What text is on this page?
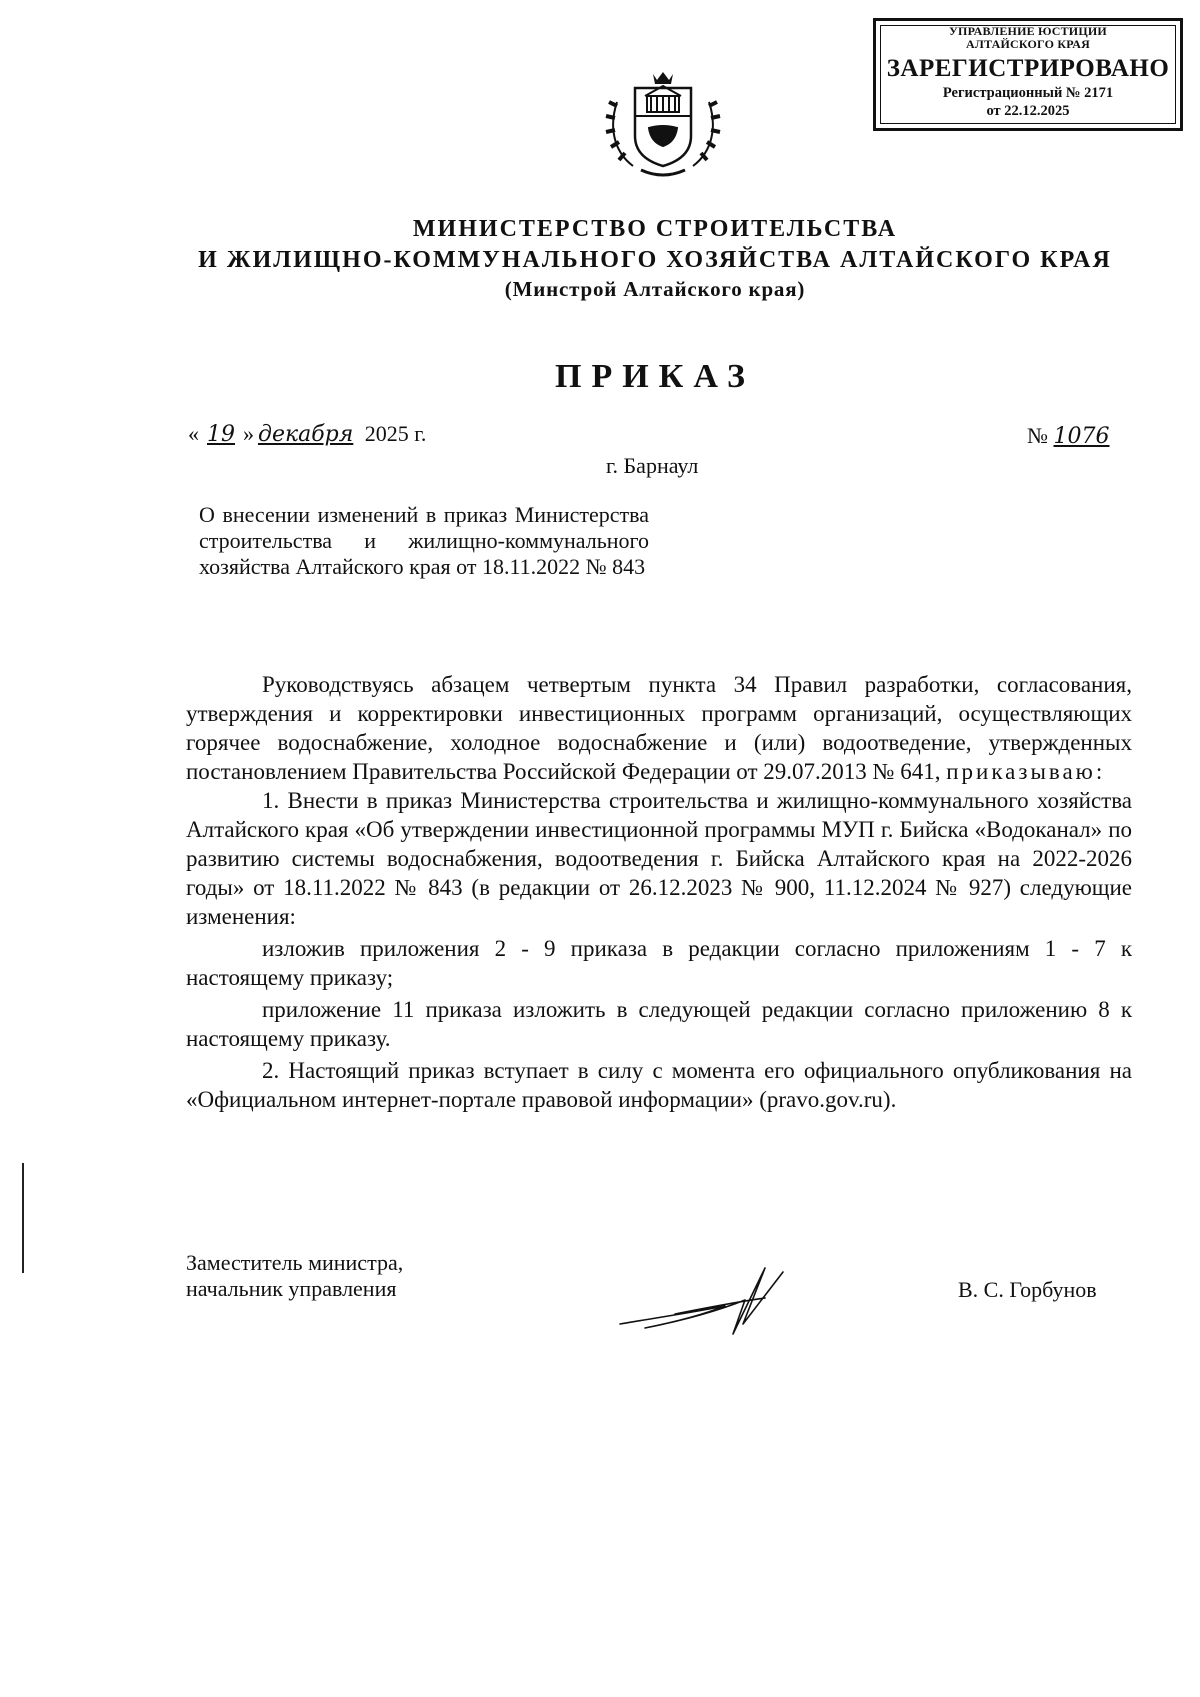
УПРАВЛЕНИЕ ЮСТИЦИИ АЛТАЙСКОГО КРАЯ
ЗАРЕГИСТРИРОВАНО
Регистрационный № 2171
от 22.12.2025
МИНИСТЕРСТВО СТРОИТЕЛЬСТВА
И ЖИЛИЩНО-КОММУНАЛЬНОГО ХОЗЯЙСТВА АЛТАЙСКОГО КРАЯ
(Минстрой Алтайского края)
ПРИКАЗ
« 19 » декабря 2025 г.	№ 1076
г. Барнаул
О внесении изменений в приказ Министерства строительства и жилищно-коммунального хозяйства Алтайского края от 18.11.2022 № 843

Руководствуясь абзацем четвертым пункта 34 Правил разработки, согласования, утверждения и корректировки инвестиционных программ организаций, осуществляющих горячее водоснабжение, холодное водоснабжение и (или) водоотведение, утвержденных постановлением Правительства Российской Федерации от 29.07.2013 № 641, приказываю:

1. Внести в приказ Министерства строительства и жилищно-коммунального хозяйства Алтайского края «Об утверждении инвестиционной программы МУП г. Бийска «Водоканал» по развитию системы водоснабжения, водоотведения г. Бийска Алтайского края на 2022-2026 годы» от 18.11.2022 № 843 (в редакции от 26.12.2023 № 900, 11.12.2024 № 927) следующие изменения:

изложив приложения 2 - 9 приказа в редакции согласно приложениям 1 - 7 к настоящему приказу;

приложение 11 приказа изложить в следующей редакции согласно приложению 8 к настоящему приказу.

2. Настоящий приказ вступает в силу с момента его официального опубликования на «Официальном интернет-портале правовой информации» (pravo.gov.ru).

Заместитель министра,
начальник управления	В. С. Горбунов
